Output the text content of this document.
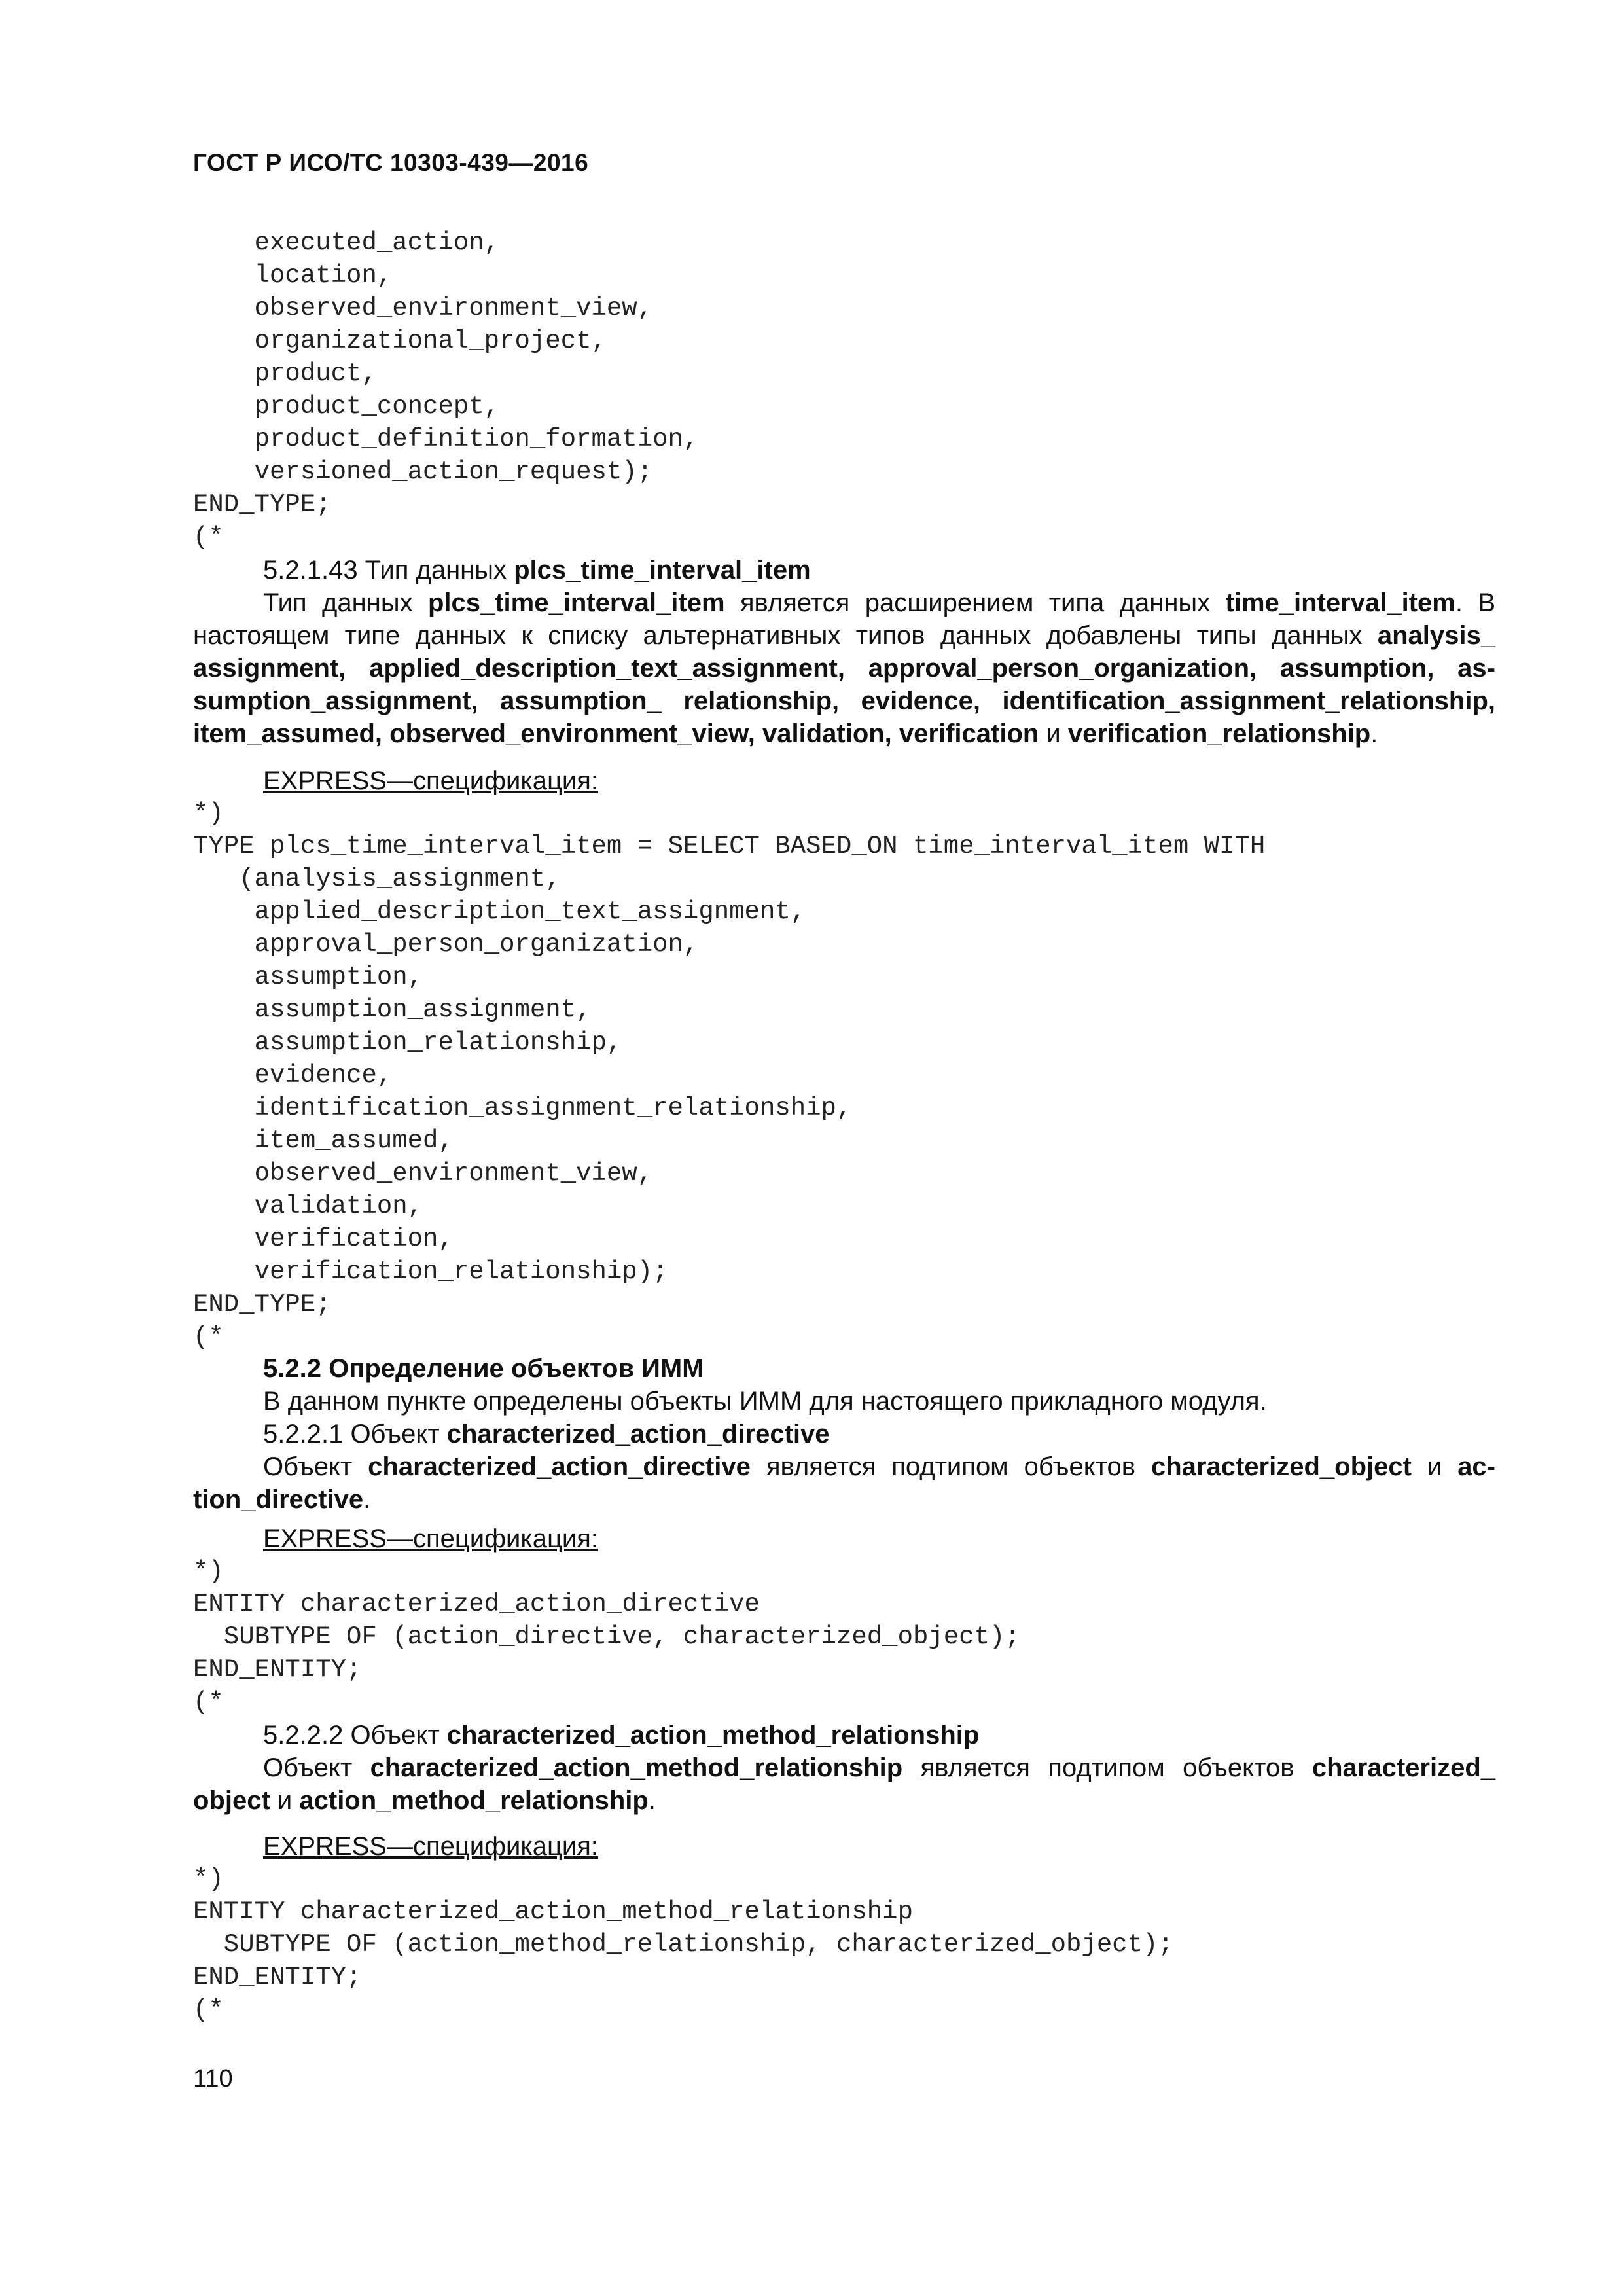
ГОСТ Р ИСО/ТС 10303-439—2016

executed_action,
location,
observed_environment_view,
organizational_project,
product,
product_concept,
product_definition_formation,
versioned_action_request);
END_TYPE;
(*

5.2.1.43 Тип данных plcs_time_interval_item

Тип данных plcs_time_interval_item является расширением типа данных time_interval_item. В настоящем типе данных к списку альтернативных типов данных добавлены типы данных analysis_ assignment, applied_description_text_assignment, approval_person_organization, assumption, as-sumption_assignment, assumption_ relationship, evidence, identification_assignment_relationship, item_assumed, observed_environment_view, validation, verification и verification_relationship.

EXPRESS—спецификация:

*)
TYPE plcs_time_interval_item = SELECT BASED_ON time_interval_item WITH
(analysis_assignment,
applied_description_text_assignment,
approval_person_organization,
assumption,
assumption_assignment,
assumption_relationship,
evidence,
identification_assignment_relationship,
item_assumed,
observed_environment_view,
validation,
verification,
verification_relationship);
END_TYPE;
(*

5.2.2 Определение объектов ИММ

В данном пункте определены объекты ИММ для настоящего прикладного модуля.

5.2.2.1 Объект characterized_action_directive

Объект characterized_action_directive является подтипом объектов characterized_object и ac-tion_directive.

EXPRESS—спецификация:

*)
ENTITY characterized_action_directive
SUBTYPE OF (action_directive, characterized_object);
END_ENTITY;
(*

5.2.2.2 Объект characterized_action_method_relationship

Объект characterized_action_method_relationship является подтипом объектов characterized_ object и action_method_relationship.

EXPRESS—спецификация:

*)
ENTITY characterized_action_method_relationship
SUBTYPE OF (action_method_relationship, characterized_object);
END_ENTITY;
(*

110
